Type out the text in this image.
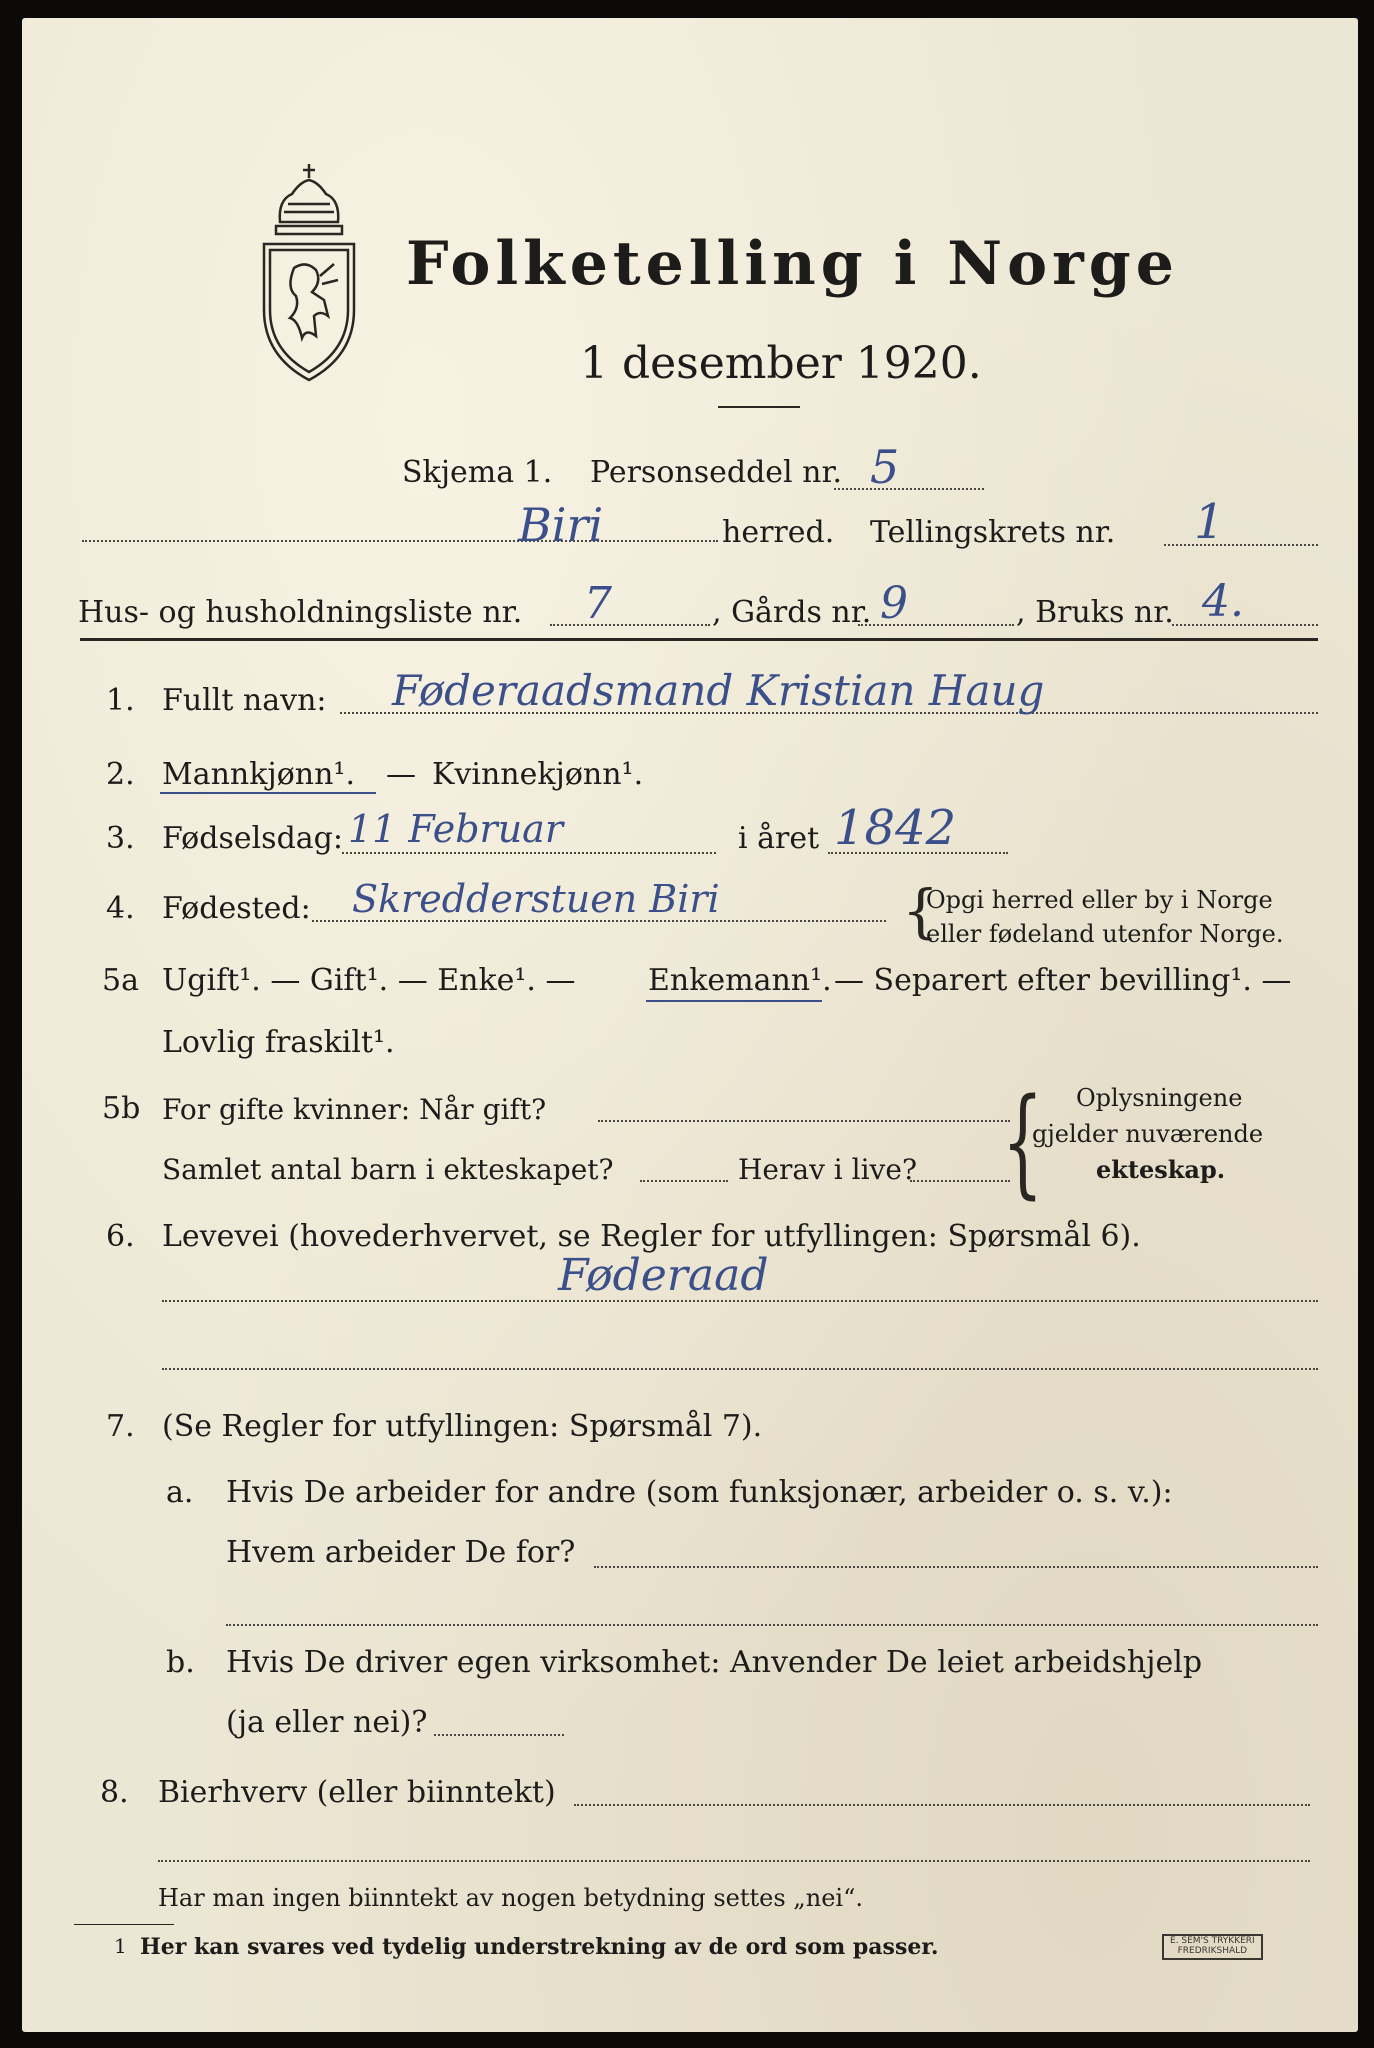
Folketelling i Norge
1 desember 1920.
Skjema 1. Personseddel nr. 5
Biri	herred. Tellingskrets nr. 1
Hus- og husholdningsliste nr. 7	, Gårds nr. 9	, Bruks nr. 4.
1. Fullt navn: Føderaadsmand Kristian Haug
2. Mannkjønn¹. — Kvinnekjønn¹.
3. Fødselsdag: 11 Februar	i året 1842
4. Fødested: Skredderstuen Biri	{
Opgi herred eller by i Norge
eller fødeland utenfor Norge.
5a Ugift¹. — Gift¹. — Enke¹. — Enkemann¹. — Separert efter bevilling¹. —
Lovlig fraskilt¹.
5b For gifte kvinner: Når gift?
Samlet antal barn i ekteskapet?	Herav i live? { Oplysningene
gjelder nuværende
ekteskap.
6. Levevei (hovederhvervet, se Regler for utfyllingen: Spørsmål 6).
Føderaad
7. (Se Regler for utfyllingen: Spørsmål 7).
a. Hvis De arbeider for andre (som funksjonær, arbeider o. s. v.):
Hvem arbeider De for?
b. Hvis De driver egen virksomhet: Anvender De leiet arbeidshjelp
(ja eller nei)?
8. Bierhverv (eller biinntekt)
Har man ingen biinntekt av nogen betydning settes „nei“.
1 Her kan svares ved tydelig understrekning av de ord som passer.	E. SEM'S TRYKKERI
FREDRIKSHALD
